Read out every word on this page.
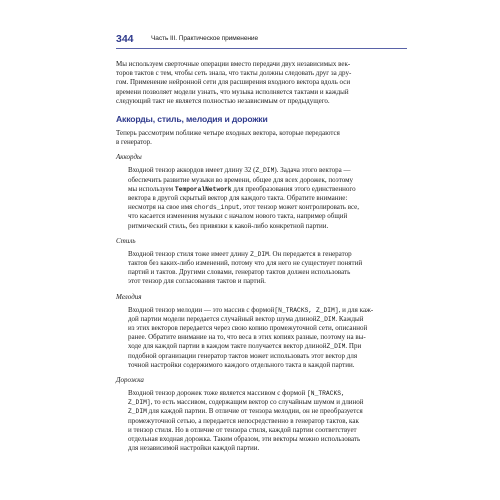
344	Часть III. Практическое применение

Мы используем сверточные операции вместо передачи двух независимых век-

торов тактов с тем, чтобы сеть знала, что такты должны следовать друг за дру-

гом. Применение нейронной сети для расширения входного вектора вдоль оси

времени позволяет модели узнать, что музыка исполняется тактами и каждый

следующий такт не является полностью независимым от предыдущего.

Аккорды, стиль, мелодия и дорожки

Теперь рассмотрим поближе четыре входных вектора, которые передаются

в генератор.

Аккорды

Входной тензор аккордов имеет длину 32 (Z_DIM). Задача этого вектора —

обеспечить развитие музыки во времени, общее для всех дорожек, поэтому

мы используем TemporalNetwork для преобразования этого единственного

вектора в другой скрытый вектор для каждого такта. Обратите внимание:

несмотря на свое имя chords_input, этот тензор может контролировать все,

что касается изменения музыки с началом нового такта, например общий

ритмический стиль, без привязки к какой-либо конкретной партии.

Стиль

Входной тензор стиля тоже имеет длину Z_DIM. Он передается в генератор

тактов без каких-либо изменений, потому что для него не существует понятий

партий и тактов. Другими словами, генератор тактов должен использовать

этот тензор для согласования тактов и партий.

Мелодия

Входной тензор мелодии — это массив с формой[N_TRACKS, Z_DIM], и для каж-

дой партии модели передается случайный вектор шума длинойZ_DIM. Каждый

из этих векторов передается через свою копию промежуточной сети, описанной

ранее. Обратите внимание на то, что веса в этих копиях разные, поэтому на вы-

ходе для каждой партии в каждом такте получается вектор длинойZ_DIM. При

подобной организации генератор тактов может использовать этот вектор для

точной настройки содержимого каждого отдельного такта в каждой партии.

Дорожка

Входной тензор дорожек тоже является массивом с формой [N_TRACKS,

Z_DIM], то есть массивом, содержащим вектор со случайным шумом и длиной

Z_DIM для каждой партии. В отличие от тензора мелодии, он не преобразуется

промежуточной сетью, а передается непосредственно в генератор тактов, как

и тензор стиля. Но в отличие от тензора стиля, каждой партии соответствует

отдельная входная дорожка. Таким образом, эти векторы можно использовать

для независимой настройки каждой партии.
